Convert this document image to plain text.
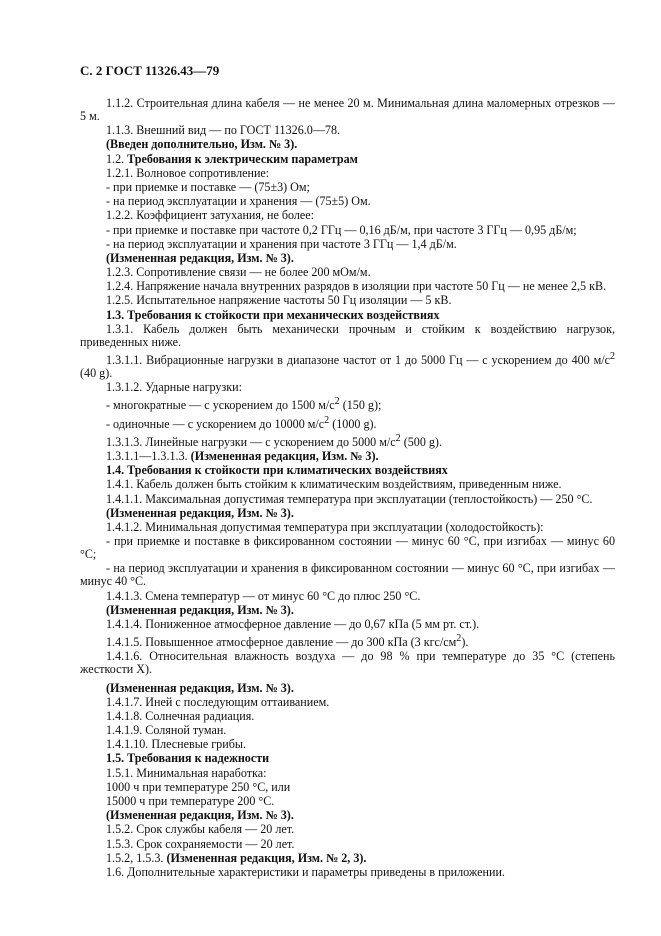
С. 2 ГОСТ 11326.43—79

1.1.2. Строительная длина кабеля — не менее 20 м. Минимальная длина маломерных отрезков — 5 м.

1.1.3. Внешний вид — по ГОСТ 11326.0—78.

(Введен дополнительно, Изм. № 3).

1.2. Требования к электрическим параметрам

1.2.1. Волновое сопротивление:

- при приемке и поставке — (75±3) Ом;

- на период эксплуатации и хранения — (75±5) Ом.

1.2.2. Коэффициент затухания, не более:

- при приемке и поставке при частоте 0,2 ГГц — 0,16 дБ/м, при частоте 3 ГГц — 0,95 дБ/м;

- на период эксплуатации и хранения при частоте 3 ГГц — 1,4 дБ/м.

(Измененная редакция, Изм. № 3).

1.2.3. Сопротивление связи — не более 200 мОм/м.

1.2.4. Напряжение начала внутренних разрядов в изоляции при частоте 50 Гц — не менее 2,5 кВ.

1.2.5. Испытательное напряжение частоты 50 Гц изоляции — 5 кВ.

1.3. Требования к стойкости при механических воздействиях

1.3.1. Кабель должен быть механически прочным и стойким к воздействию нагрузок, приведенных ниже.

1.3.1.1. Вибрационные нагрузки в диапазоне частот от 1 до 5000 Гц — с ускорением до 400 $м/с^2$ (40 g).

1.3.1.2. Ударные нагрузки:

- многократные — с ускорением до 1500 $м/с^2$ (150 g);

- одиночные — с ускорением до 10000 $м/с^2$ (1000 g).

1.3.1.3. Линейные нагрузки — с ускорением до 5000 $м/с^2$ (500 g).

1.3.1.1—1.3.1.3. (Измененная редакция, Изм. № 3).

1.4. Требования к стойкости при климатических воздействиях

1.4.1. Кабель должен быть стойким к климатическим воздействиям, приведенным ниже.

1.4.1.1. Максимальная допустимая температура при эксплуатации (теплостойкость) — 250 °С.

(Измененная редакция, Изм. № 3).

1.4.1.2. Минимальная допустимая температура при эксплуатации (холодостойкость):

- при приемке и поставке в фиксированном состоянии — минус 60 °С, при изгибах — минус 60 °С;

- на период эксплуатации и хранения в фиксированном состоянии — минус 60 °С, при изгибах — минус 40 °С.

1.4.1.3. Смена температур — от минус 60 °С до плюс 250 °С.

(Измененная редакция, Изм. № 3).

1.4.1.4. Пониженное атмосферное давление — до 0,67 кПа (5 мм рт. ст.).

1.4.1.5. Повышенное атмосферное давление — до 300 кПа (3 кгс/$см^2$).

1.4.1.6. Относительная влажность воздуха — до 98 % при температуре до 35 °С (степень жесткости X).

(Измененная редакция, Изм. № 3).

1.4.1.7. Иней с последующим оттаиванием.

1.4.1.8. Солнечная радиация.

1.4.1.9. Соляной туман.

1.4.1.10. Плесневые грибы.

1.5. Требования к надежности

1.5.1. Минимальная наработка:

1000 ч при температуре 250 °С, или

15000 ч при температуре 200 °С.

(Измененная редакция, Изм. № 3).

1.5.2. Срок службы кабеля — 20 лет.

1.5.3. Срок сохраняемости — 20 лет.

1.5.2, 1.5.3. (Измененная редакция, Изм. № 2, 3).

1.6. Дополнительные характеристики и параметры приведены в приложении.
